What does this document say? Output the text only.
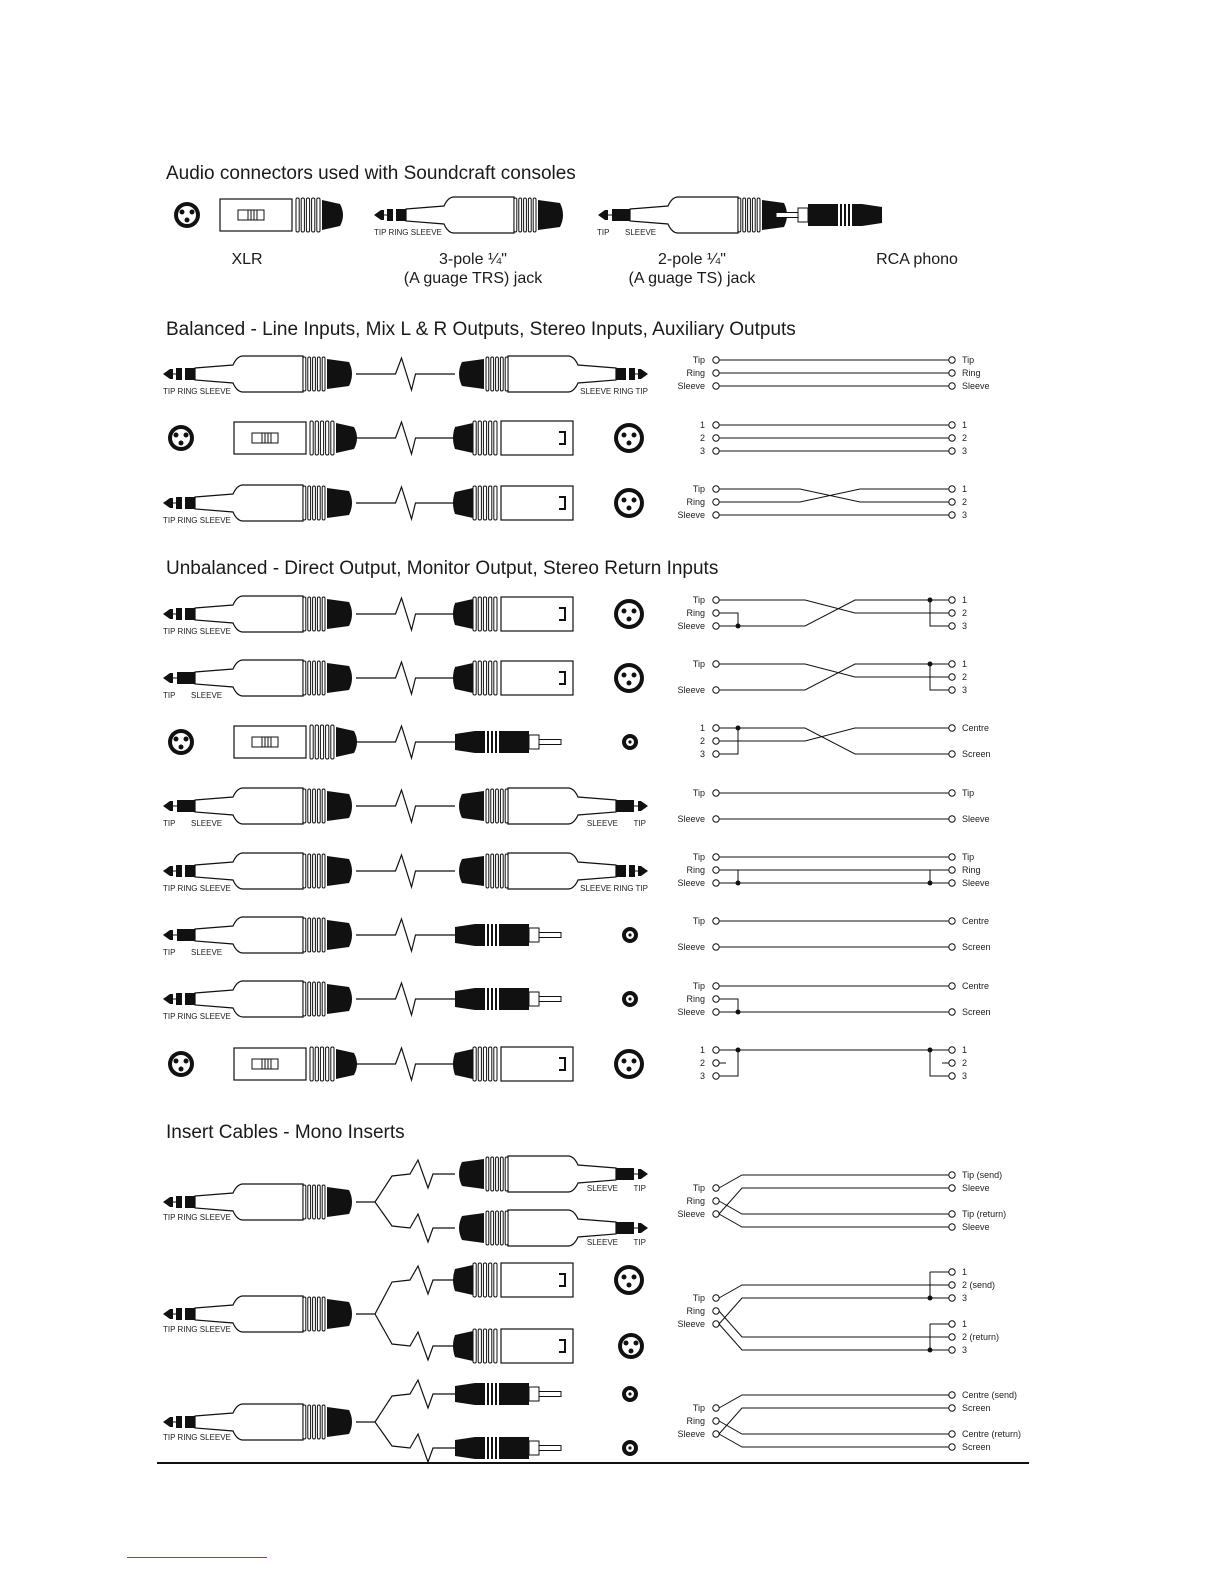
Audio connectors used with Soundcraft consoles
Balanced - Line Inputs, Mix L & R Outputs, Stereo Inputs, Auxiliary Outputs
Unbalanced - Direct Output, Monitor Output, Stereo Return Inputs
Insert Cables - Mono Inserts
XLR	3-pole ¼"
(A guage TRS) jack
2-pole ¼"
(A guage TS) jack
RCA phono
TIP RING SLEEVE	TIP SLEEVE
TIP RING SLEEVE	SLEEVE RING TIP
Tip
Ring
Sleeve
Tip
Ring
Sleeve
1
2
3
1
2
3
TIP RING SLEEVE
Tip
Ring
Sleeve
1
2
3
TIP RING SLEEVE
Tip
Ring
Sleeve
1
2
3
TIP SLEEVE
Tip
Sleeve
1
2
3
1
2
3
Centre
Screen
TIP SLEEVE	SLEEVE TIP
Tip
Sleeve
Tip
Sleeve
TIP RING SLEEVE	SLEEVE RING TIP
Tip
Ring
Sleeve
Tip
Ring
Sleeve
TIP SLEEVE
Tip
Sleeve
Centre
Screen
TIP RING SLEEVE
Tip
Ring
Sleeve
Centre
Screen
1
2
3
1
2
3
TIP RING SLEEVE
SLEEVE TIP
SLEEVE TIP
Tip
Ring
Sleeve
Tip (send)
Sleeve
Tip (return)
Sleeve
TIP RING SLEEVE
Tip
Ring
Sleeve
1
2 (send)
3
1
2 (return)
3
TIP RING SLEEVE
Tip
Ring
Sleeve
Centre (send)
Screen
Centre (return)
Screen
